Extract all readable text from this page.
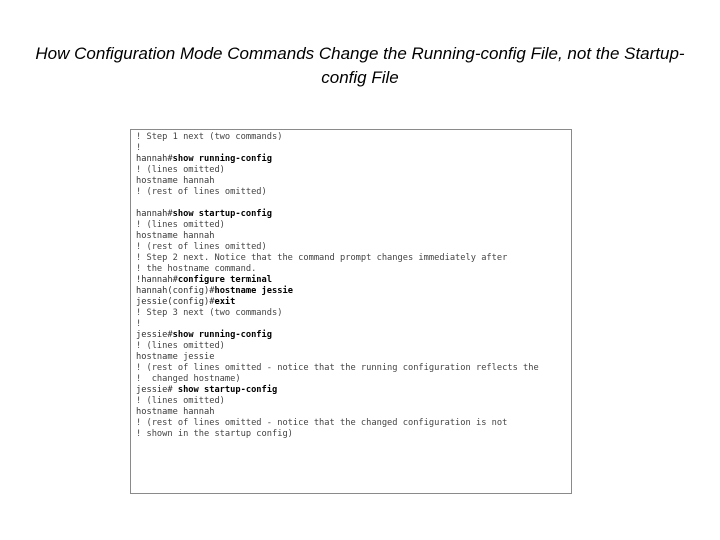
How Configuration Mode Commands Change the Running-config File, not the Startup-config File
! Step 1 next (two commands)
!
hannah#show running-config
! (lines omitted)
hostname hannah
! (rest of lines omitted)
hannah#show startup-config
! (lines omitted)
hostname hannah
! (rest of lines omitted)
! Step 2 next. Notice that the command prompt changes immediately after
! the hostname command.
!hannah#configure terminal
hannah(config)#hostname jessie
jessie(config)#exit
! Step 3 next (two commands)
!
jessie#show running-config
! (lines omitted)
hostname jessie
! (rest of lines omitted - notice that the running configuration reflects the
!  changed hostname)
jessie# show startup-config
! (lines omitted)
hostname hannah
! (rest of lines omitted - notice that the changed configuration is not
! shown in the startup config)
